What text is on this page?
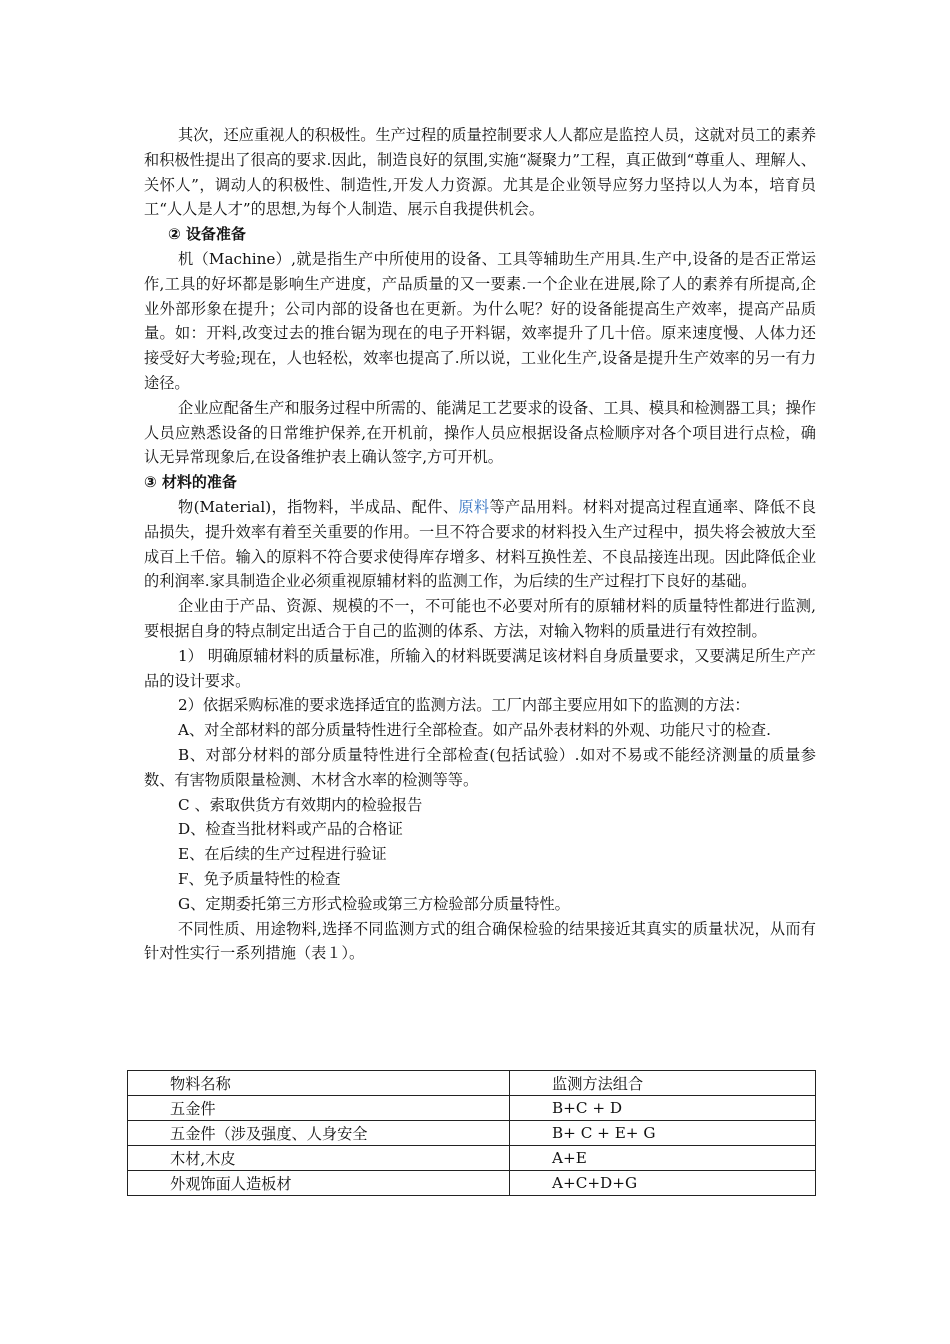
其次，还应重视人的积极性。生产过程的质量控制要求人人都应是监控人员，这就对员工的素养和积极性提出了很高的要求.因此，制造良好的氛围,实施“凝聚力”工程，真正做到“尊重人、理解人、关怀人”，调动人的积极性、制造性,开发人力资源。尤其是企业领导应努力坚持以人为本，培育员工“人人是人才”的思想,为每个人制造、展示自我提供机会。

② 设备准备

机（Machine）,就是指生产中所使用的设备、工具等辅助生产用具.生产中,设备的是否正常运作,工具的好坏都是影响生产进度，产品质量的又一要素.一个企业在进展,除了人的素养有所提高,企业外部形象在提升；公司内部的设备也在更新。为什么呢？好的设备能提高生产效率，提高产品质量。如：开料,改变过去的推台锯为现在的电子开料锯，效率提升了几十倍。原来速度慢、人体力还接受好大考验;现在，人也轻松，效率也提高了.所以说，工业化生产,设备是提升生产效率的另一有力途径。

企业应配备生产和服务过程中所需的、能满足工艺要求的设备、工具、模具和检测器工具；操作人员应熟悉设备的日常维护保养,在开机前，操作人员应根据设备点检顺序对各个项目进行点检，确认无异常现象后,在设备维护表上确认签字,方可开机。

③ 材料的准备

物(Material)，指物料，半成品、配件、原料等产品用料。材料对提高过程直通率、降低不良品损失，提升效率有着至关重要的作用。一旦不符合要求的材料投入生产过程中，损失将会被放大至成百上千倍。输入的原料不符合要求使得库存增多、材料互换性差、不良品接连出现。因此降低企业的利润率.家具制造企业必须重视原辅材料的监测工作，为后续的生产过程打下良好的基础。

企业由于产品、资源、规模的不一，不可能也不必要对所有的原辅材料的质量特性都进行监测,要根据自身的特点制定出适合于自己的监测的体系、方法，对输入物料的质量进行有效控制。

1） 明确原辅材料的质量标准，所输入的材料既要满足该材料自身质量要求，又要满足所生产产品的设计要求。

2）依据采购标准的要求选择适宜的监测方法。工厂内部主要应用如下的监测的方法：

A、对全部材料的部分质量特性进行全部检查。如产品外表材料的外观、功能尺寸的检查.

B、对部分材料的部分质量特性进行全部检查(包括试验）.如对不易或不能经济测量的质量参数、有害物质限量检测、木材含水率的检测等等。

C 、索取供货方有效期内的检验报告

D、检查当批材料或产品的合格证

E、在后续的生产过程进行验证

F、免予质量特性的检查

G、定期委托第三方形式检验或第三方检验部分质量特性。

不同性质、用途物料,选择不同监测方式的组合确保检验的结果接近其真实的质量状况，从而有针对性实行一系列措施（表１）。

物料名称	监测方法组合
五金件	B+C + D
五金件（涉及强度、人身安全	B+ C + E+ G
木材,木皮	A+E
外观饰面人造板材	A+C+D+G
